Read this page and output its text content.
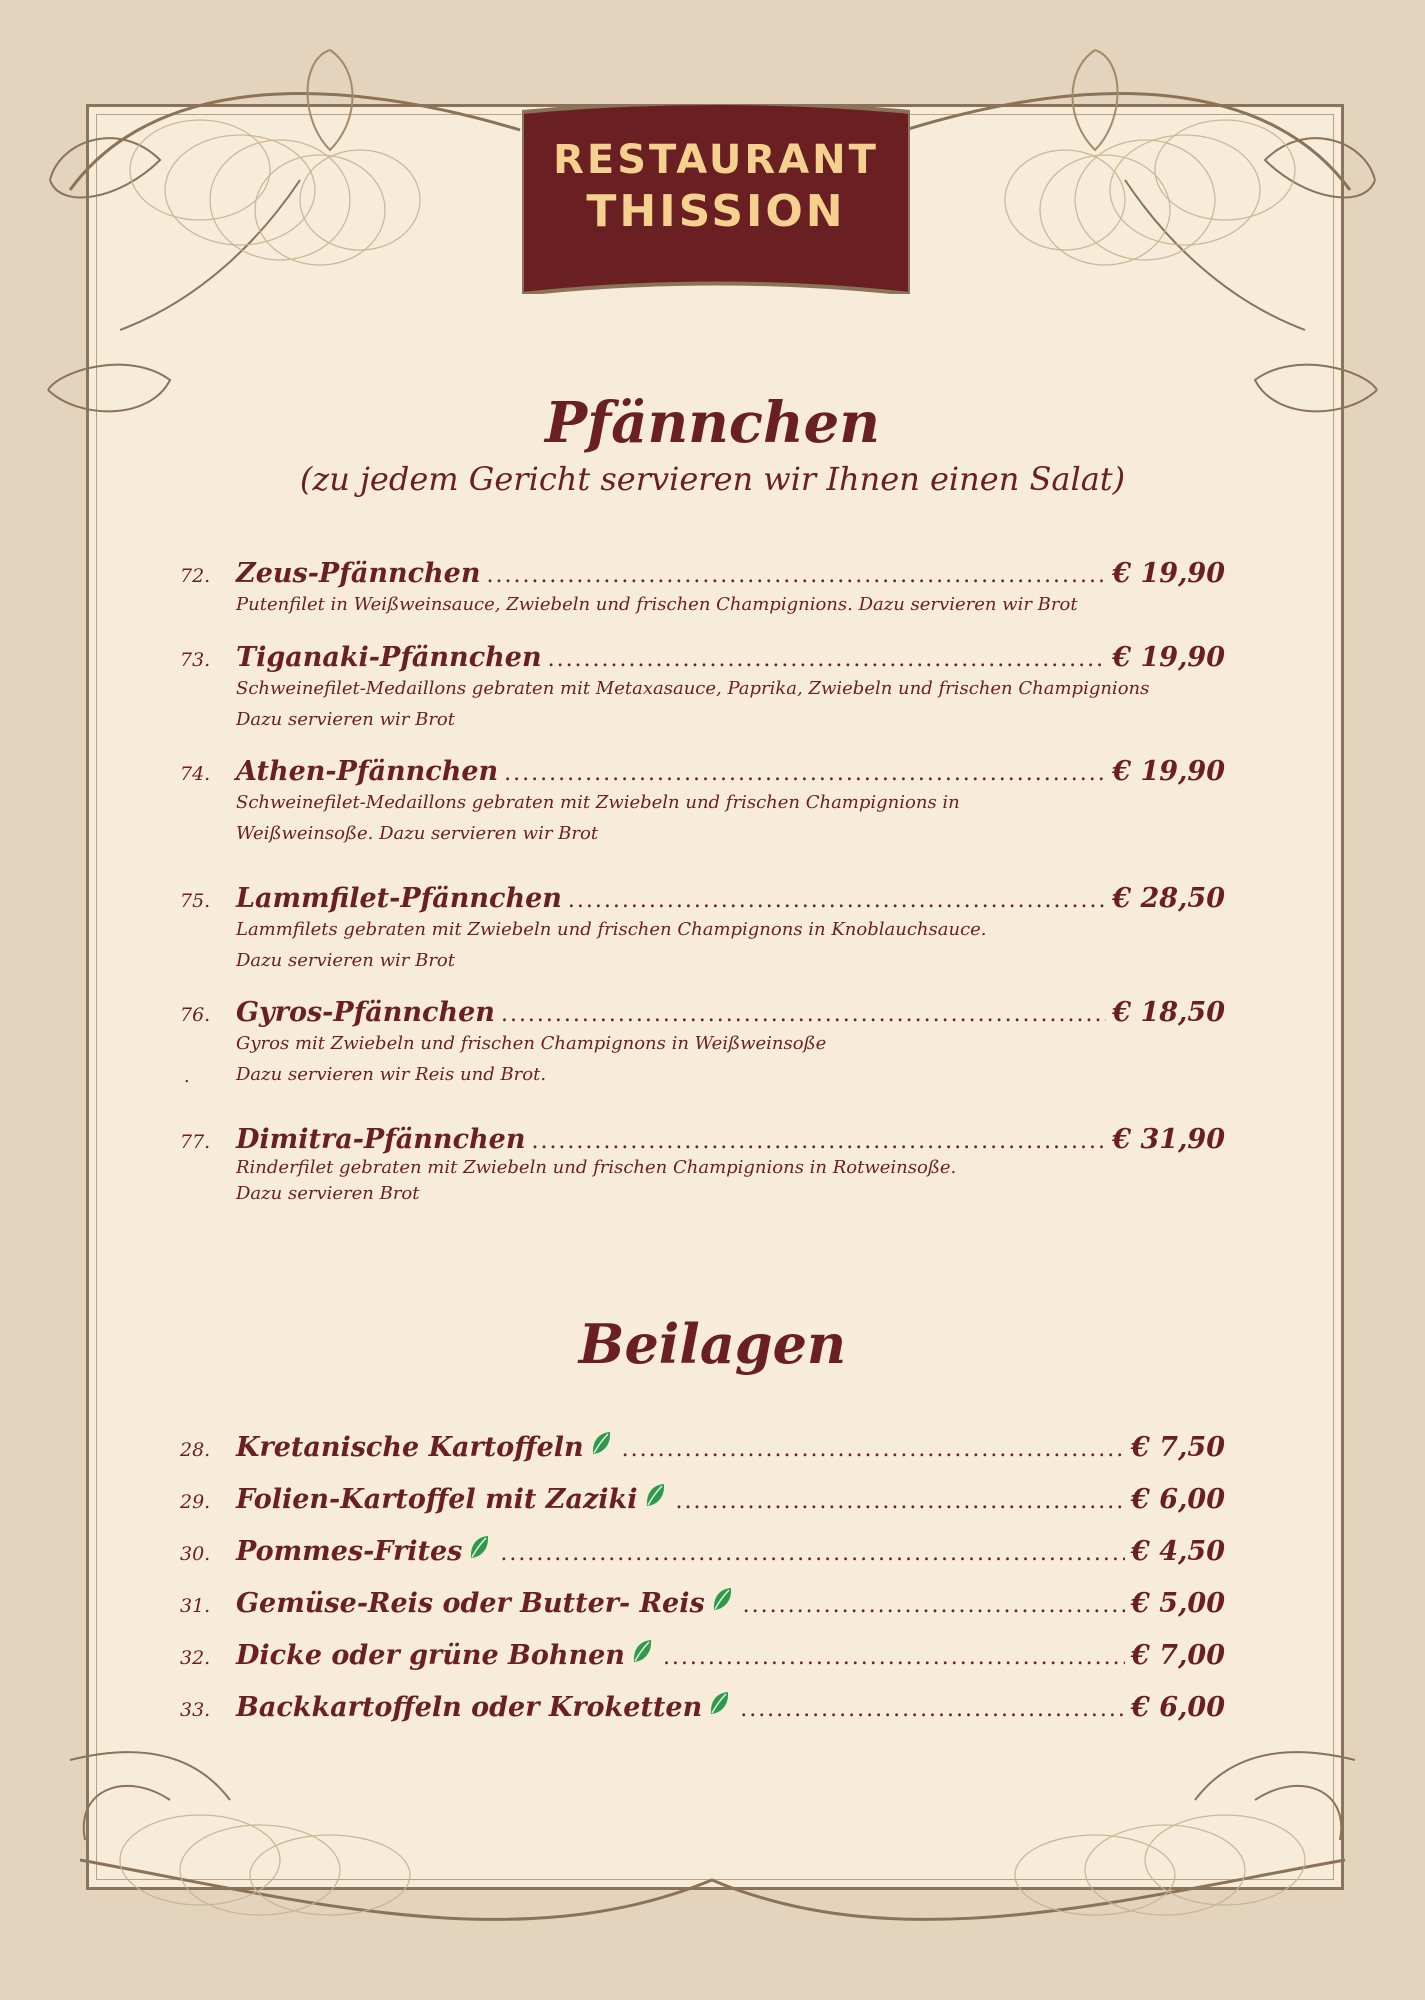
RESTAURANT
THISSION
Pfännchen
(zu jedem Gericht servieren wir Ihnen einen Salat)
72. Zeus-Pfännchen .....	€ 19,90
Putenfilet in Weißweinsauce, Zwiebeln und frischen Champignions. Dazu servieren wir Brot
73. Tiganaki-Pfännchen .....	€ 19,90
Schweinefilet-Medaillons gebraten mit Metaxasauce, Paprika, Zwiebeln und frischen Champignions
Dazu servieren wir Brot
74. Athen-Pfännchen .....	€ 19,90
Schweinefilet-Medaillons gebraten mit Zwiebeln und frischen Champignions in
Weißweinsoße. Dazu servieren wir Brot
75. Lammfilet-Pfännchen .....	€ 28,50
Lammfilets gebraten mit Zwiebeln und frischen Champignons in Knoblauchsauce.
Dazu servieren wir Brot
76. Gyros-Pfännchen .....	€ 18,50
Gyros mit Zwiebeln und frischen Champignons in Weißweinsoße
Dazu servieren wir Reis und Brot.
.
77. Dimitra-Pfännchen .....	€ 31,90
Rinderfilet gebraten mit Zwiebeln und frischen Champignions in Rotweinsoße.
Dazu servieren Brot
Beilagen
28. Kretanische Kartoffeln .....	€ 7,50
29. Folien-Kartoffel mit Zaziki .....	€ 6,00
30. Pommes-Frites .....	€ 4,50
31. Gemüse-Reis oder Butter- Reis .....	€ 5,00
32. Dicke oder grüne Bohnen .....	€ 7,00
33. Backkartoffeln oder Kroketten .....	€ 6,00
